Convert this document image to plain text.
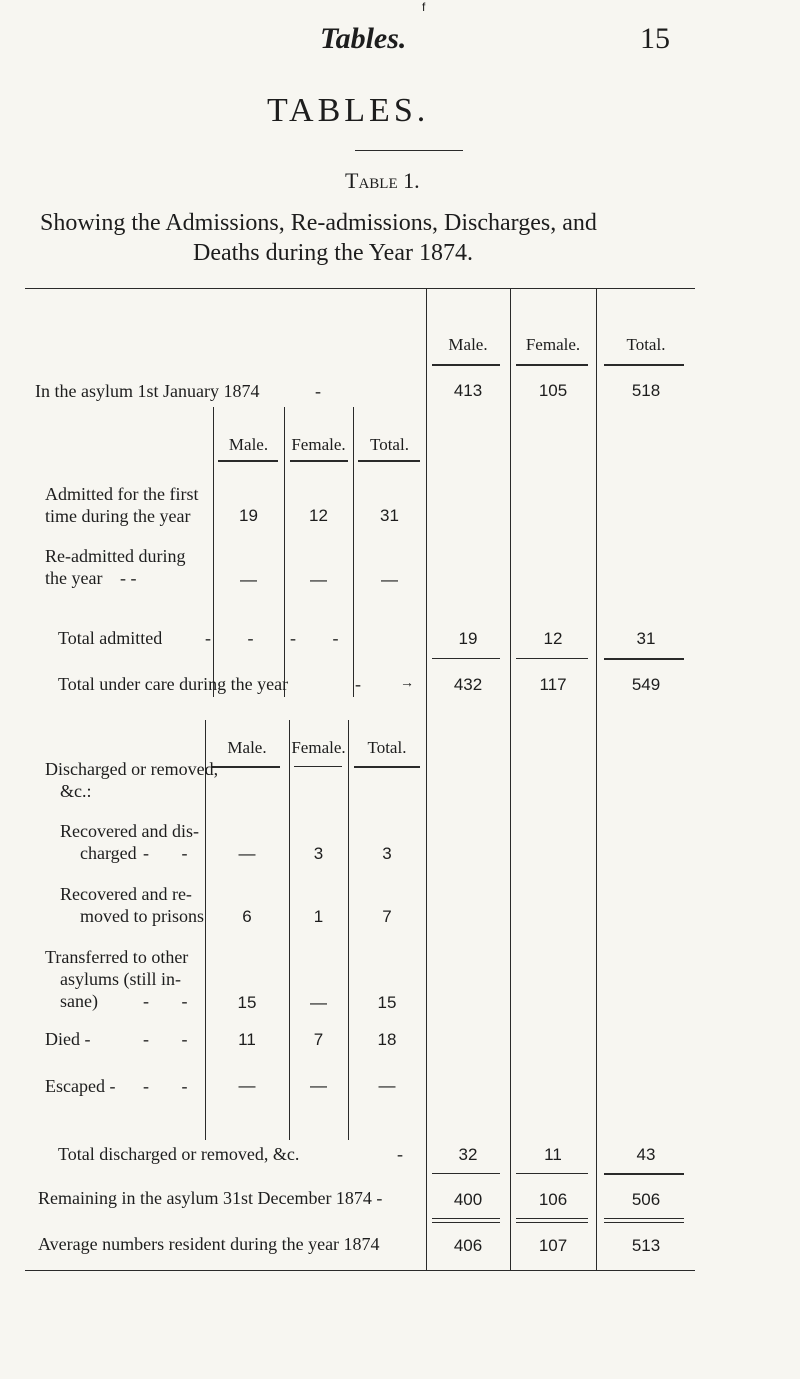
f
Tables.	15
TABLES.
Table 1.
Showing the Admissions, Re-admissions, Discharges, and
Deaths during the Year 1874.
Male.	Female.	Total.
In the asylum 1st January 1874	-	413	105	518
Male.	Female.	Total.
Admitted for the first
time during the year	19	12	31
Re-admitted during
the year - -	—	—	—
Total admitted - - - -	19	12	31
Total under care during the year	-	→	432	117	549
Male.	Female.	Total.
Discharged or removed,
&c.:
Recovered and dis-
charged - -	—	3	3
Recovered and re-
moved to prisons	6	1	7
Transferred to other
asylums (still in-
sane)	- -	15	—	15
Died -	- -	11	7	18
Escaped - - -	—	—	—
Total discharged or removed, &c.	-	32	11	43
Remaining in the asylum 31st December 1874 -	400	106	506
Average numbers resident during the year 1874	406	107	513
